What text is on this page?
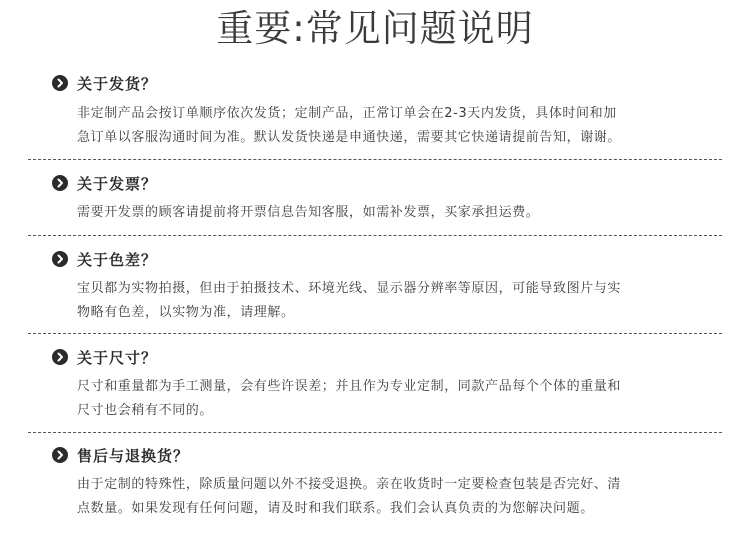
重要:常见问题说明
关于发货？
非定制产品会按订单顺序依次发货；定制产品，正常订单会在2-3天内发货，具体时间和加
急订单以客服沟通时间为准。默认发货快递是申通快递，需要其它快递请提前告知，谢谢。
关于发票？
需要开发票的顾客请提前将开票信息告知客服，如需补发票，买家承担运费。
关于色差？
宝贝都为实物拍摄，但由于拍摄技术、环境光线、显示器分辨率等原因，可能导致图片与实
物略有色差，以实物为准，请理解。
关于尺寸？
尺寸和重量都为手工测量，会有些许误差；并且作为专业定制，同款产品每个个体的重量和
尺寸也会稍有不同的。
售后与退换货？
由于定制的特殊性，除质量问题以外不接受退换。亲在收货时一定要检查包装是否完好、清
点数量。如果发现有任何问题，请及时和我们联系。我们会认真负责的为您解决问题。
